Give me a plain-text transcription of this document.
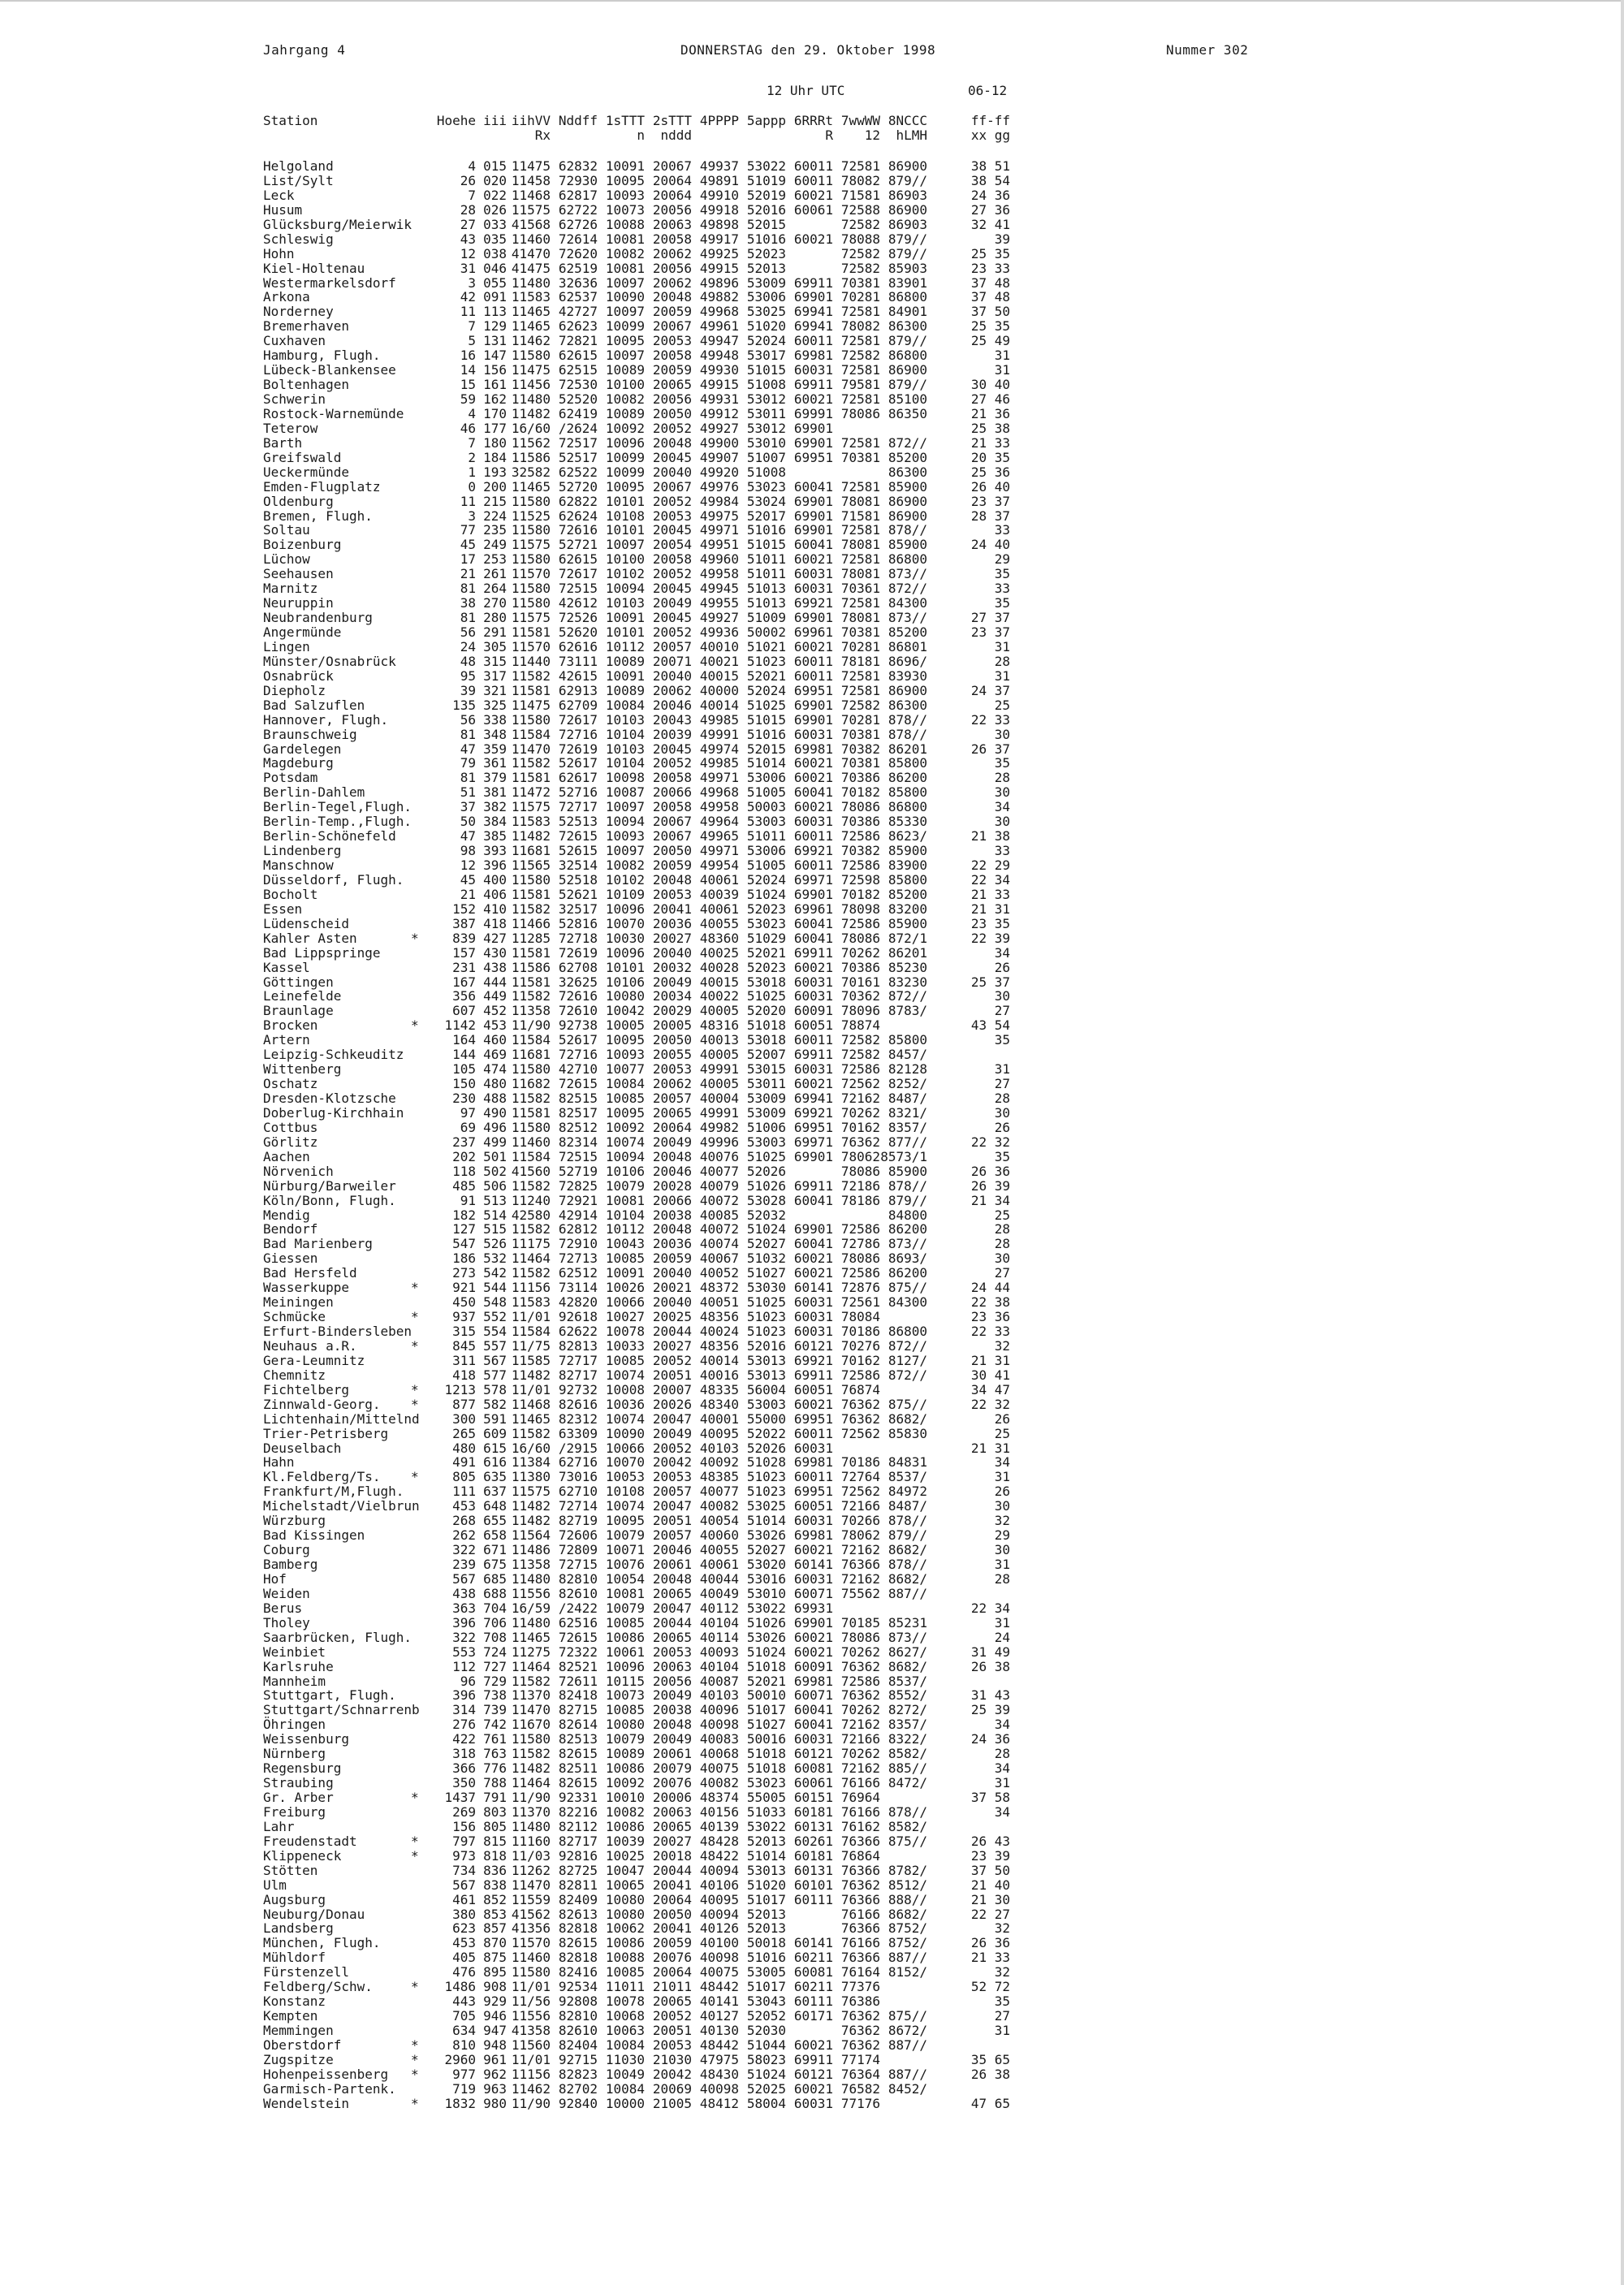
Jahrgang 4	DONNERSTAG den 29. Oktober 1998	Nummer 302
12 Uhr UTC	06-12
Station	Hoehe iii iihVV Nddff 1sTTT 2sTTT 4PPPP 5appp 6RRRt 7wwWW 8NCCC	ff-ff
Rx	n	nddd	R	12	hLMH	xx gg
Helgoland	4 015 11475 62832 10091 20067 49937 53022 60011 72581 86900	38 51
List/Sylt	26 020 11458 72930 10095 20064 49891 51019 60011 78082 879//	38 54
Leck	7 022 11468 62817 10093 20064 49910 52019 60021 71581 86903	24 36
Husum	28 026 11575 62722 10073 20056 49918 52016 60061 72588 86900	27 36
Glücksburg/Meierwik	27 033 41568 62726 10088 20063 49898 52015	72582 86903	32 41
Schleswig	43 035 11460 72614 10081 20058 49917 51016 60021 78088 879//	39
Hohn	12 038 41470 72620 10082 20062 49925 52023	72582 879//	25 35
Kiel-Holtenau	31 046 41475 62519 10081 20056 49915 52013	72582 85903	23 33
Westermarkelsdorf	3 055 11480 32636 10097 20062 49896 53009 69911 70381 83901	37 48
Arkona	42 091 11583 62537 10090 20048 49882 53006 69901 70281 86800	37 48
Norderney	11 113 11465 42727 10097 20059 49968 53025 69941 72581 84901	37 50
Bremerhaven	7 129 11465 62623 10099 20067 49961 51020 69941 78082 86300	25 35
Cuxhaven	5 131 11462 72821 10095 20053 49947 52024 60011 72581 879//	25 49
Hamburg, Flugh.	16 147 11580 62615 10097 20058 49948 53017 69981 72582 86800	31
Lübeck-Blankensee	14 156 11475 62515 10089 20059 49930 51015 60031 72581 86900	31
Boltenhagen	15 161 11456 72530 10100 20065 49915 51008 69911 79581 879//	30 40
Schwerin	59 162 11480 52520 10082 20056 49931 53012 60021 72581 85100	27 46
Rostock-Warnemünde	4 170 11482 62419 10089 20050 49912 53011 69991 78086 86350	21 36
Teterow	46 177 16/60 /2624 10092 20052 49927 53012 69901	25 38
Barth	7 180 11562 72517 10096 20048 49900 53010 69901 72581 872//	21 33
Greifswald	2 184 11586 52517 10099 20045 49907 51007 69951 70381 85200	20 35
Ueckermünde	1 193 32582 62522 10099 20040 49920 51008	86300	25 36
Emden-Flugplatz	0 200 11465 52720 10095 20067 49976 53023 60041 72581 85900	26 40
Oldenburg	11 215 11580 62822 10101 20052 49984 53024 69901 78081 86900	23 37
Bremen, Flugh.	3 224 11525 62624 10108 20053 49975 52017 69901 71581 86900	28 37
Soltau	77 235 11580 72616 10101 20045 49971 51016 69901 72581 878//	33
Boizenburg	45 249 11575 52721 10097 20054 49951 51015 60041 78081 85900	24 40
Lüchow	17 253 11580 62615 10100 20058 49960 51011 60021 72581 86800	29
Seehausen	21 261 11570 72617 10102 20052 49958 51011 60031 78081 873//	35
Marnitz	81 264 11580 72515 10094 20045 49945 51013 60031 70361 872//	33
Neuruppin	38 270 11580 42612 10103 20049 49955 51013 69921 72581 84300	35
Neubrandenburg	81 280 11575 72526 10091 20045 49927 51009 69901 78081 873//	27 37
Angermünde	56 291 11581 52620 10101 20052 49936 50002 69961 70381 85200	23 37
Lingen	24 305 11570 62616 10112 20057 40010 51021 60021 70281 86801	31
Münster/Osnabrück	48 315 11440 73111 10089 20071 40021 51023 60011 78181 8696/	28
Osnabrück	95 317 11582 42615 10091 20040 40015 52021 60011 72581 83930	31
Diepholz	39 321 11581 62913 10089 20062 40000 52024 69951 72581 86900	24 37
Bad Salzuflen	135 325 11475 62709 10084 20046 40014 51025 69901 72582 86300	25
Hannover, Flugh.	56 338 11580 72617 10103 20043 49985 51015 69901 70281 878//	22 33
Braunschweig	81 348 11584 72716 10104 20039 49991 51016 60031 70381 878//	30
Gardelegen	47 359 11470 72619 10103 20045 49974 52015 69981 70382 86201	26 37
Magdeburg	79 361 11582 52617 10104 20052 49985 51014 60021 70381 85800	35
Potsdam	81 379 11581 62617 10098 20058 49971 53006 60021 70386 86200	28
Berlin-Dahlem	51 381 11472 52716 10087 20066 49968 51005 60041 70182 85800	30
Berlin-Tegel,Flugh.	37 382 11575 72717 10097 20058 49958 50003 60021 78086 86800	34
Berlin-Temp.,Flugh.	50 384 11583 52513 10094 20067 49964 53003 60031 70386 85330	30
Berlin-Schönefeld	47 385 11482 72615 10093 20067 49965 51011 60011 72586 8623/	21 38
Lindenberg	98 393 11681 52615 10097 20050 49971 53006 69921 70382 85900	33
Manschnow	12 396 11565 32514 10082 20059 49954 51005 60011 72586 83900	22 29
Düsseldorf, Flugh.	45 400 11580 52518 10102 20048 40061 52024 69971 72598 85800	22 34
Bocholt	21 406 11581 52621 10109 20053 40039 51024 69901 70182 85200	21 33
Essen	152 410 11582 32517 10096 20041 40061 52023 69961 78098 83200	21 31
Lüdenscheid	387 418 11466 52816 10070 20036 40055 53023 60041 72586 85900	23 35
Kahler Asten	*	839 427 11285 72718 10030 20027 48360 51029 60041 78086 872/1	22 39
Bad Lippspringe	157 430 11581 72619 10096 20040 40025 52021 69911 70262 86201	34
Kassel	231 438 11586 62708 10101 20032 40028 52023 60021 70386 85230	26
Göttingen	167 444 11581 32625 10106 20049 40015 53018 60031 70161 83230	25 37
Leinefelde	356 449 11582 72616 10080 20034 40022 51025 60031 70362 872//	30
Braunlage	607 452 11358 72610 10042 20029 40005 52020 60091 78096 8783/	27
Brocken	*	1142 453 11/90 92738 10005 20005 48316 51018 60051 78874	43 54
Artern	164 460 11584 52617 10095 20050 40013 53018 60011 72582 85800	35
Leipzig-Schkeuditz	144 469 11681 72716 10093 20055 40005 52007 69911 72582 8457/
Wittenberg	105 474 11580 42710 10077 20053 49991 53015 60031 72586 82128	31
Oschatz	150 480 11682 72615 10084 20062 40005 53011 60021 72562 8252/	27
Dresden-Klotzsche	230 488 11582 82515 10085 20057 40004 53009 69941 72162 8487/	28
Doberlug-Kirchhain	97 490 11581 82517 10095 20065 49991 53009 69921 70262 8321/	30
Cottbus	69 496 11580 82512 10092 20064 49982 51006 69951 70162 8357/	26
Görlitz	237 499 11460 82314 10074 20049 49996 53003 69971 76362 877//	22 32
Aachen	202 501 11584 72515 10094 20048 40076 51025 69901 78062 8573/1	35
Nörvenich	118 502 41560 52719 10106 20046 40077 52026	78086 85900	26 36
Nürburg/Barweiler	485 506 11582 72825 10079 20028 40079 51026 69911 72186 878//	26 39
Köln/Bonn, Flugh.	91 513 11240 72921 10081 20066 40072 53028 60041 78186 879//	21 34
Mendig	182 514 42580 42914 10104 20038 40085 52032	84800	25
Bendorf	127 515 11582 62812 10112 20048 40072 51024 69901 72586 86200	28
Bad Marienberg	547 526 11175 72910 10043 20036 40074 52027 60041 72786 873//	28
Giessen	186 532 11464 72713 10085 20059 40067 51032 60021 78086 8693/	30
Bad Hersfeld	273 542 11582 62512 10091 20040 40052 51027 60021 72586 86200	27
Wasserkuppe	*	921 544 11156 73114 10026 20021 48372 53030 60141 72876 875//	24 44
Meiningen	450 548 11583 42820 10066 20040 40051 51025 60031 72561 84300	22 38
Schmücke	*	937 552 11/01 92618 10027 20025 48356 51023 60031 78084	23 36
Erfurt-Bindersleben	315 554 11584 62622 10078 20044 40024 51023 60031 70186 86800	22 33
Neuhaus a.R.	*	845 557 11/75 82813 10033 20027 48356 52016 60121 70276 872//	32
Gera-Leumnitz	311 567 11585 72717 10085 20052 40014 53013 69921 70162 8127/	21 31
Chemnitz	418 577 11482 82717 10074 20051 40016 53013 69911 72586 872//	30 41
Fichtelberg	*	1213 578 11/01 92732 10008 20007 48335 56004 60051 76874	34 47
Zinnwald-Georg. *	877 582 11468 82616 10036 20026 48340 53003 60021 76362 875//	22 32
Lichtenhain/Mittelnd	300 591 11465 82312 10074 20047 40001 55000 69951 76362 8682/	26
Trier-Petrisberg	265 609 11582 63309 10090 20049 40095 52022 60011 72562 85830	25
Deuselbach	480 615 16/60 /2915 10066 20052 40103 52026 60031	21 31
Hahn	491 616 11384 62716 10070 20042 40092 51028 69981 70186 84831	34
Kl.Feldberg/Ts. *	805 635 11380 73016 10053 20053 48385 51023 60011 72764 8537/	31
Frankfurt/M,Flugh.	111 637 11575 62710 10108 20057 40077 51023 69951 72562 84972	26
Michelstadt/Vielbrun	453 648 11482 72714 10074 20047 40082 53025 60051 72166 8487/	30
Würzburg	268 655 11482 82719 10095 20051 40054 51014 60031 70266 878//	32
Bad Kissingen	262 658 11564 72606 10079 20057 40060 53026 69981 78062 879//	29
Coburg	322 671 11486 72809 10071 20046 40055 52027 60021 72162 8682/	30
Bamberg	239 675 11358 72715 10076 20061 40061 53020 60141 76366 878//	31
Hof	567 685 11480 82810 10054 20048 40044 53016 60031 72162 8682/	28
Weiden	438 688 11556 82610 10081 20065 40049 53010 60071 75562 887//
Berus	363 704 16/59 /2422 10079 20047 40112 53022 69931	22 34
Tholey	396 706 11480 62516 10085 20044 40104 51026 69901 70185 85231	31
Saarbrücken, Flugh.	322 708 11465 72615 10086 20065 40114 53026 60021 78086 873//	24
Weinbiet	553 724 11275 72322 10061 20053 40093 51024 60021 70262 8627/	31 49
Karlsruhe	112 727 11464 82521 10096 20063 40104 51018 60091 76362 8682/	26 38
Mannheim	96 729 11582 72611 10115 20056 40087 52021 69981 72586 8537/
Stuttgart, Flugh.	396 738 11370 82418 10073 20049 40103 50010 60071 76362 8552/	31 43
Stuttgart/Schnarrenb	314 739 11470 82715 10085 20038 40096 51017 60041 70262 8272/	25 39
Öhringen	276 742 11670 82614 10080 20048 40098 51027 60041 72162 8357/	34
Weissenburg	422 761 11580 82513 10079 20049 40083 50016 60031 72166 8322/	24 36
Nürnberg	318 763 11582 82615 10089 20061 40068 51018 60121 70262 8582/	28
Regensburg	366 776 11482 82511 10086 20079 40075 51018 60081 72162 885//	34
Straubing	350 788 11464 82615 10092 20076 40082 53023 60061 76166 8472/	31
Gr. Arber	*	1437 791 11/90 92331 10010 20006 48374 55005 60151 76964	37 58
Freiburg	269 803 11370 82216 10082 20063 40156 51033 60181 76166 878//	34
Lahr	156 805 11480 82112 10086 20065 40139 53022 60131 76162 8582/
Freudenstadt	*	797 815 11160 82717 10039 20027 48428 52013 60261 76366 875//	26 43
Klippeneck	*	973 818 11/03 92816 10025 20018 48422 51014 60181 76864	23 39
Stötten	734 836 11262 82725 10047 20044 40094 53013 60131 76366 8782/	37 50
Ulm	567 838 11470 82811 10065 20041 40106 51020 60101 76362 8512/	21 40
Augsburg	461 852 11559 82409 10080 20064 40095 51017 60111 76366 888//	21 30
Neuburg/Donau	380 853 41562 82613 10080 20050 40094 52013	76166 8682/	22 27
Landsberg	623 857 41356 82818 10062 20041 40126 52013	76366 8752/	32
München, Flugh.	453 870 11570 82615 10086 20059 40100 50018 60141 76166 8752/	26 36
Mühldorf	405 875 11460 82818 10088 20076 40098 51016 60211 76366 887//	21 33
Fürstenzell	476 895 11580 82416 10085 20064 40075 53005 60081 76164 8152/	32
Feldberg/Schw.	*	1486 908 11/01 92534 11011 21011 48442 51017 60211 77376	52 72
Konstanz	443 929 11/56 92808 10078 20065 40141 53043 60111 76386	35
Kempten	705 946 11556 82810 10068 20052 40127 52052 60171 76362 875//	27
Memmingen	634 947 41358 82610 10063 20051 40130 52030	76362 8672/	31
Oberstdorf	*	810 948 11560 82404 10084 20053 48442 51044 60021 76362 887//
Zugspitze	*	2960 961 11/01 92715 11030 21030 47975 58023 69911 77174	35 65
Hohenpeissenberg *	977 962 11156 82823 10049 20042 48430 51024 60121 76364 887//	26 38
Garmisch-Partenk.	719 963 11462 82702 10084 20069 40098 52025 60021 76582 8452/
Wendelstein	*	1832 980 11/90 92840 10000 21005 48412 58004 60031 77176	47 65
